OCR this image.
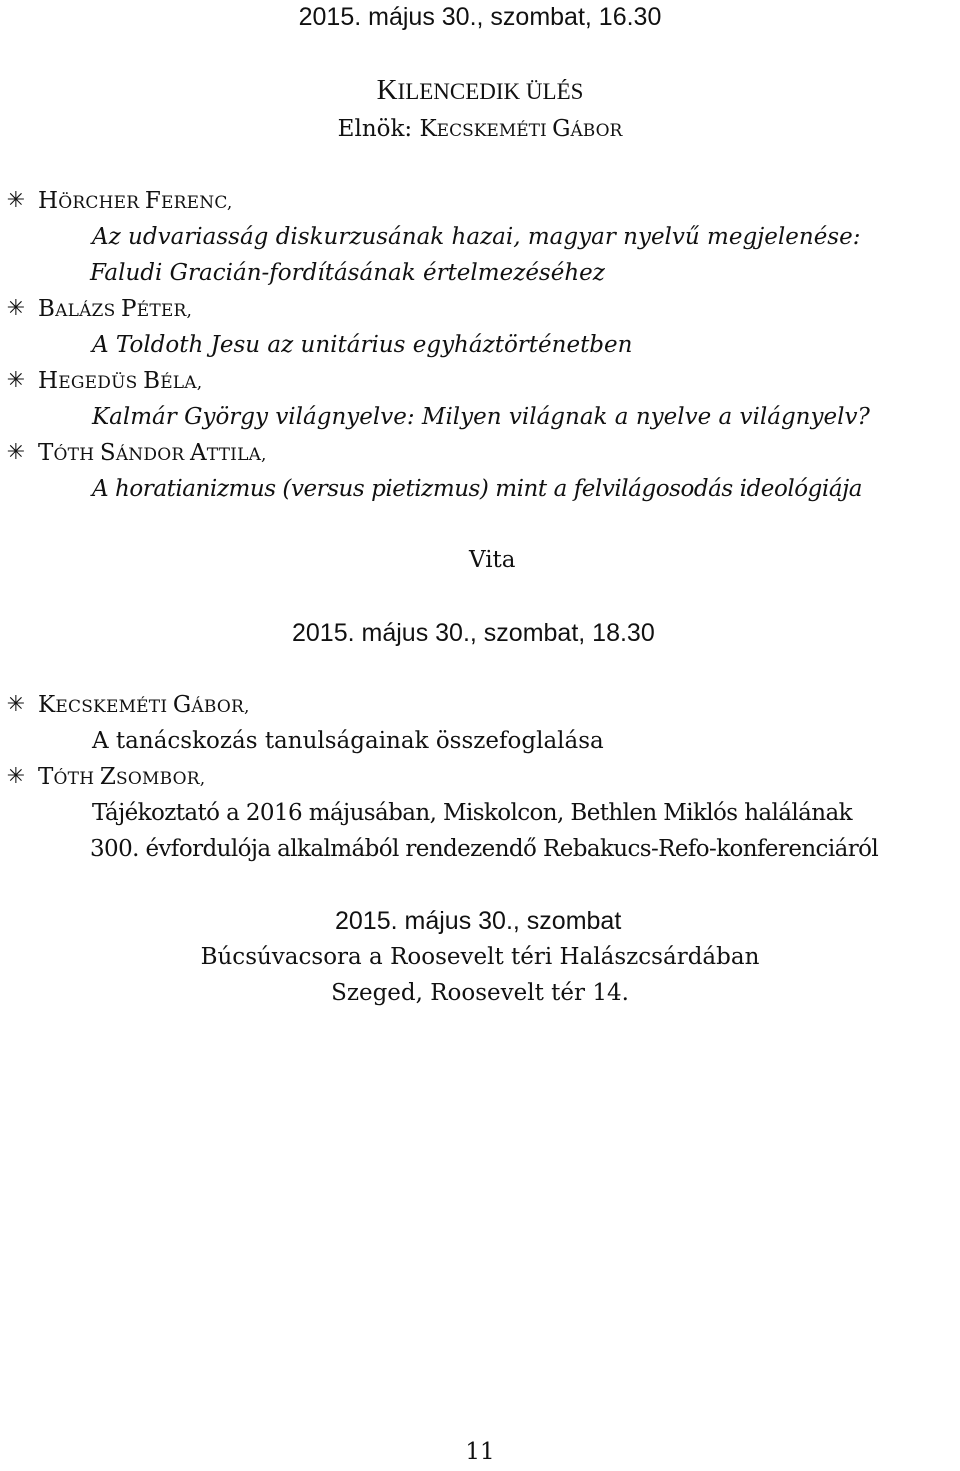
2015. május 30., szombat, 16.30
KILENCEDIK ÜLÉS
Elnök: KECSKEMÉTI GÁBOR
✳ HÖRCHER FERENC,
Az udvariasság diskurzusának hazai, magyar nyelvű megjelenése:
Faludi Gracián-fordításának értelmezéséhez
✳ BALÁZS PÉTER,
A Toldoth Jesu az unitárius egyháztörténetben
✳ HEGEDÜS BÉLA,
Kalmár György világnyelve: Milyen világnak a nyelve a világnyelv?
✳ TÓTH SÁNDOR ATTILA,
A horatianizmus (versus pietizmus) mint a felvilágosodás ideológiája
Vita
2015. május 30., szombat, 18.30
✳ KECSKEMÉTI GÁBOR,
A tanácskozás tanulságainak összefoglalása
✳ TÓTH ZSOMBOR,
Tájékoztató a 2016 májusában, Miskolcon, Bethlen Miklós halálának
300. évfordulója alkalmából rendezendő Rebakucs-Refo-konferenciáról
2015. május 30., szombat
Búcsúvacsora a Roosevelt téri Halászcsárdában
Szeged, Roosevelt tér 14.
11
